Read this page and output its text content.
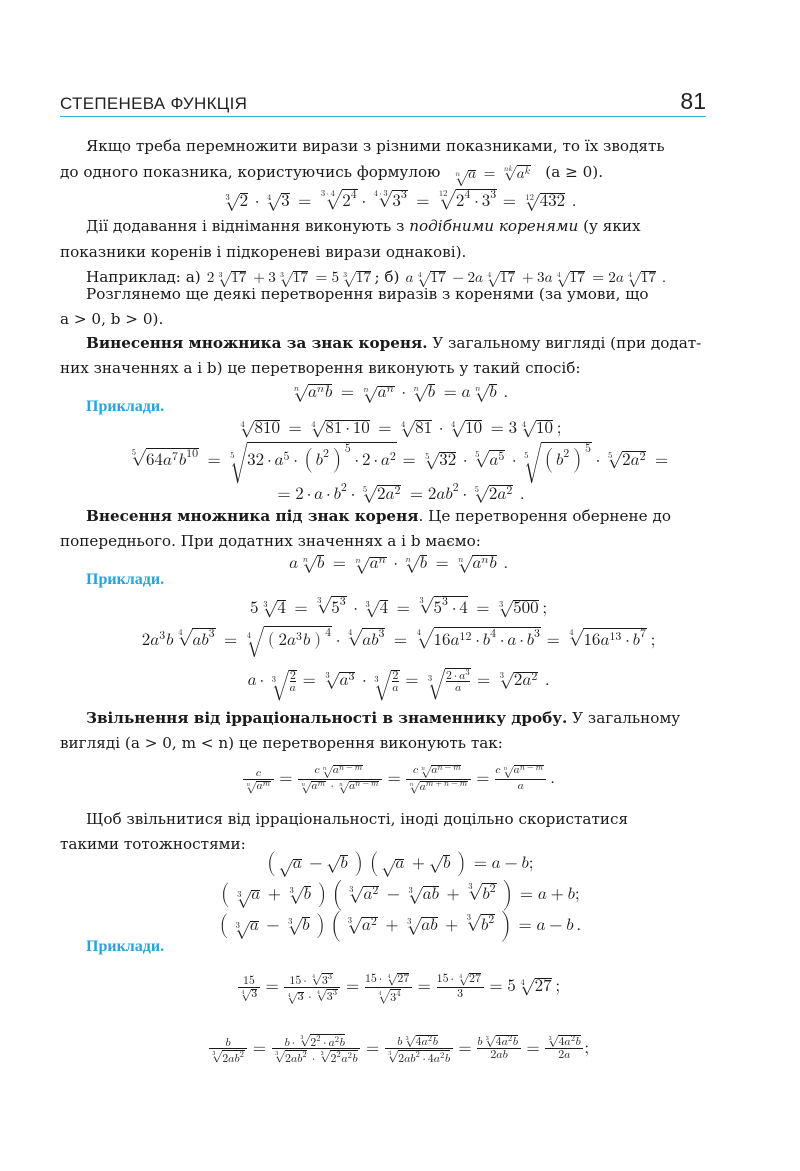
СТЕПЕНЕВА ФУНКЦІЯ	81
Якщо треба перемножити вирази з різними показниками, то їх зводять
до одного показника, користуючись формулою a
𝑛 = a k
𝑛 k (a ≥ 0).
2
3 · 3
4 = 2 4
3 · 4 · 3 3
4 · 3 = 2 4 · 3 3
12	= 432
12 .
Дії додавання і віднімання виконують з подібними коренями (у яких
показники коренів і підкореневі вирази однакові).
Наприклад: а) 2 17
3 + 3 17
3 = 5 17
3 ; б) a 17
4 − 2 a 17
4 + 3 a 17
4 = 2 a 17
4 .
Розглянемо ще деякі перетворення виразів з коренями (за умови, що
a > 0, b > 0).
Винесення множника за знак кореня. У загальному вигляді (при додат-
них значеннях a і b) це перетворення виконують у такий спосіб:
𝑎 n b
𝑛 = a n
𝑛 · b
𝑛 = a b
𝑛 .
Приклади.
810
4	= 81 · 10
4	= 81
4 · 10
4 = 3 10
4 ;
64 a 7 b 10
5	= 32 · a 5 · ( b 2 ) 5
· 2 · a 2
5	= 32
5 · a 5
5 · ( b 2 ) 5
5	· 2 a 2
5	=
= 2 · a · b 2 · 2 a 2
5	= 2 a b 2 · 2 a 2
5 .
Внесення множника під знак кореня. Це перетворення обернене до
попереднього. При додатних значеннях a і b маємо:
𝑎 b
𝑛 = a n
𝑛 · b
𝑛 = a n b
𝑛 .
Приклади.
5 4
3 = 5 3
3 · 4
3 = 5 3 · 4
3	= 500
3 ;
2 a 3 b a b 3
4 = ( 2 a 3 b ) 4
4	· a b 3
4 = 16 a 12 · b 4 · a · b 3
4	= 16 a 13 · b 7
4	;
𝑎 · 2
𝑎
3 = a 3
3 · 2
𝑎
3 = 2 · a 3
𝑎
3	= 2 a 2
3 .
Звільнення від ірраціональності в знаменнику дробу. У загальному
вигляді (a > 0, m < n) це перетворення виконують так:
𝑐
𝑎 m
𝑛 = c a n − m
𝑛
𝑎 m
𝑛 · a n − m
𝑛	= c a n − m
𝑛
𝑎 m + n − m
𝑛	= c a n − m
𝑛
𝑎 .
Щоб звільнитися від ірраціональності, іноді доцільно скористатися
такими тотожностями:
(	a − b ) (	a + b ) = a − b ;
(	a
3 + b
3 ) (	a 2
3 − a b
3 + b 2
3 ) = a + b ;
(	a
3 − b
3 ) (	a 2
3 + a b
3 + b 2
3 ) = a − b .
Приклади.
15
3
4 = 15 · 3 3
4
3
4 · 3 3
4 = 15 · 27
4
3 4
4 = 15 · 27
4
3 = 5 27
4 ;
𝑏
2 a b 2
3 = b · 2 2 · a 2 b
3
2 a b 2
3	· 2 2 a 2 b
3 = b 4 a 2 b
3
2 a b 2 · 4 a 2 b
3	= b 4 a 2 b
3
2 a b = 4 a 2 b
3
2 a ;
